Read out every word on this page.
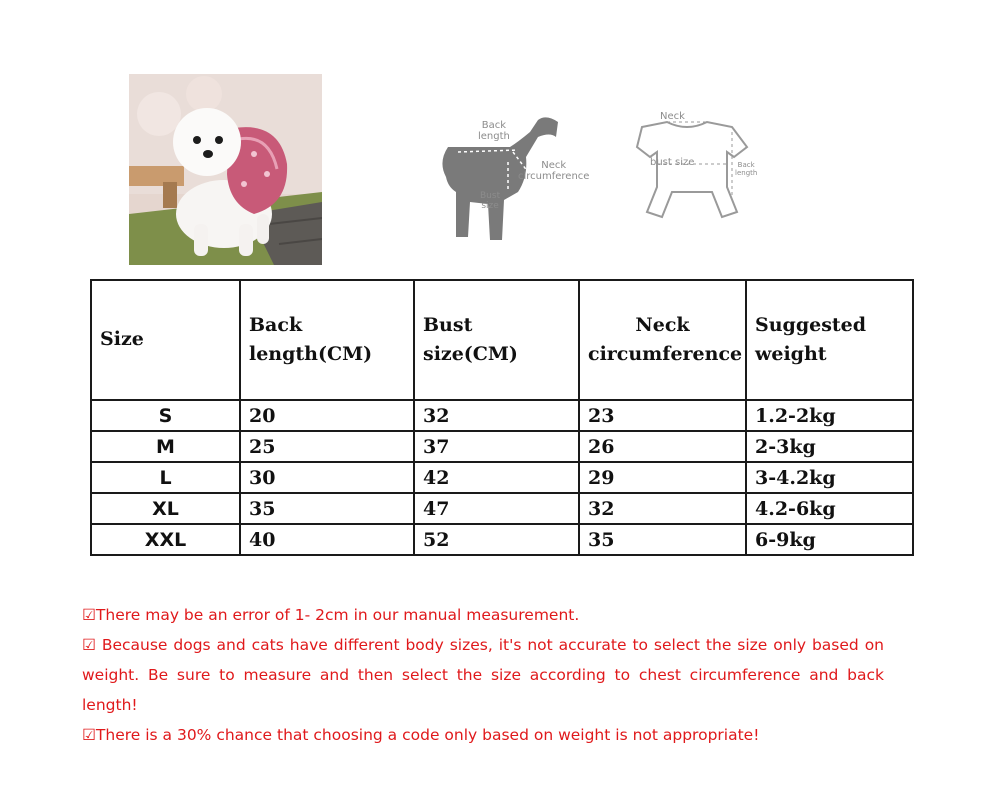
Back
length
Neck
circumference
Bust
size
Neck
bust size	Back
length
Size	Back length(CM)	Bust size(CM)	Neck circumference	Suggested weight
S	20	32	23	1.2-2kg
M	25	37	26	2-3kg
L	30	42	29	3-4.2kg
XL	35	47	32	4.2-6kg
XXL	40	52	35	6-9kg

☑There may be an error of 1- 2cm in our manual measurement.

☑ Because dogs and cats have different body sizes, it's not accurate to select the size only based on weight. Be sure to measure and then select the size according to chest circumference and back length!

☑There is a 30% chance that choosing a code only based on weight is not appropriate!
